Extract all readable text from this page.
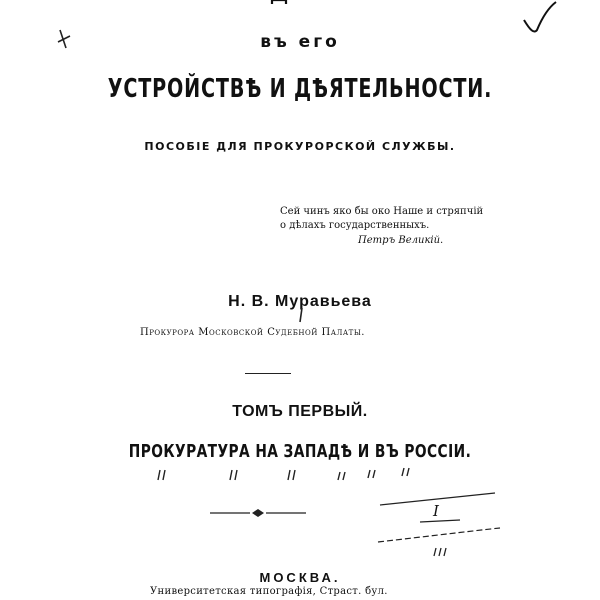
въ его
УСТРОЙСТВѢ И ДѢЯТЕЛЬНОСТИ.
ПОСОБІЕ ДЛЯ ПРОКУРОРСКОЙ СЛУЖБЫ.
Сей чинъ яко бы око Наше и стряпчій
о дѣлахъ государственныхъ.
Петръ Великій.
Н. В. Муравьева
Прокурора Московской Судебной Палаты.
ТОМЪ ПЕРВЫЙ.
ПРОКУРАТУРА НА ЗАПАДѢ И ВЪ РОССІИ.
МОСКВА.
Университетская типографія, Страст. бул.
I
